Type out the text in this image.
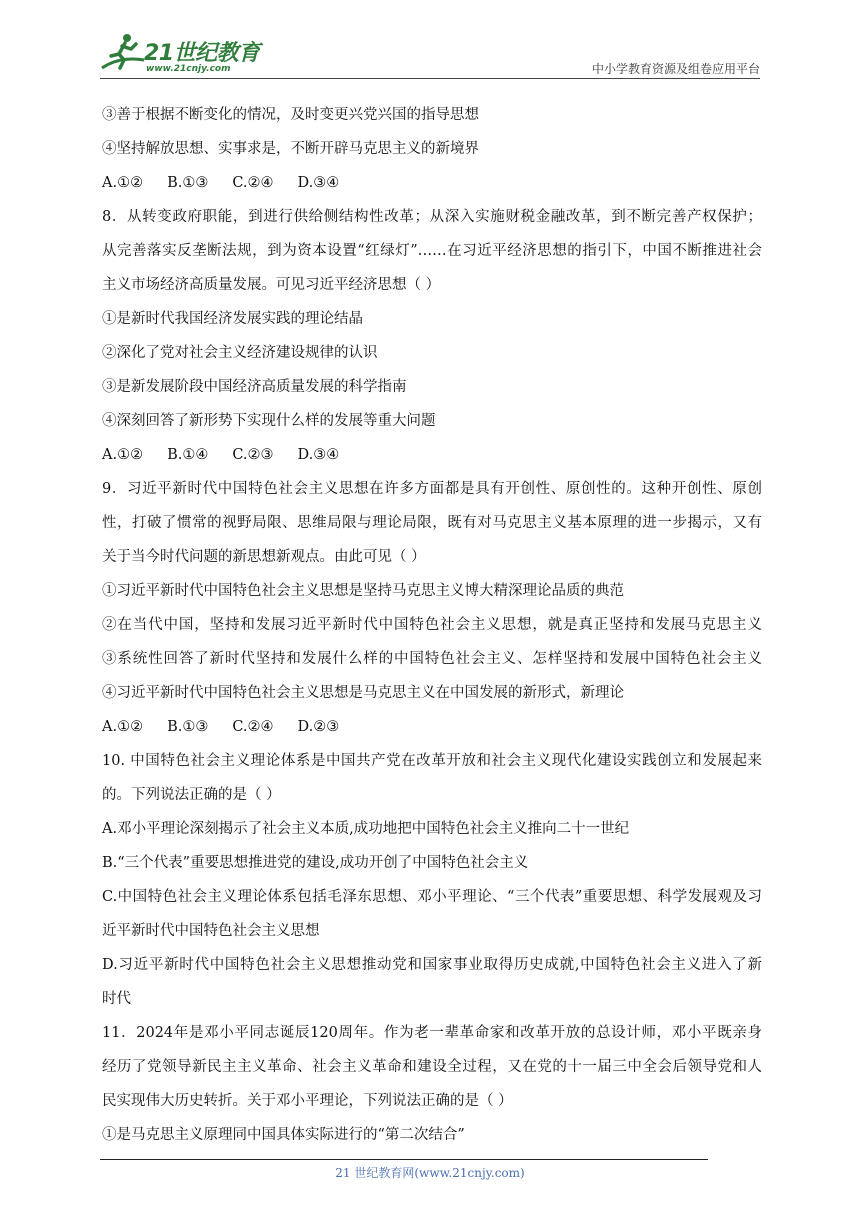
21世纪教育
www.21cnjy.com	中小学教育资源及组卷应用平台
③善于根据不断变化的情况，及时变更兴党兴国的指导思想
④坚持解放思想、实事求是，不断开辟马克思主义的新境界
A.①② B.①③ C.②④ D.③④
8．从转变政府职能，到进行供给侧结构性改革；从深入实施财税金融改革，到不断完善产权保护；
从完善落实反垄断法规，到为资本设置“红绿灯”……在习近平经济思想的指引下，中国不断推进社会
主义市场经济高质量发展。可见习近平经济思想（ ）
①是新时代我国经济发展实践的理论结晶
②深化了党对社会主义经济建设规律的认识
③是新发展阶段中国经济高质量发展的科学指南
④深刻回答了新形势下实现什么样的发展等重大问题
A.①② B.①④ C.②③ D.③④
9．习近平新时代中国特色社会主义思想在许多方面都是具有开创性、原创性的。这种开创性、原创
性，打破了惯常的视野局限、思维局限与理论局限，既有对马克思主义基本原理的进一步揭示，又有
关于当今时代问题的新思想新观点。由此可见（ ）
①习近平新时代中国特色社会主义思想是坚持马克思主义博大精深理论品质的典范
②在当代中国，坚持和发展习近平新时代中国特色社会主义思想，就是真正坚持和发展马克思主义
③系统性回答了新时代坚持和发展什么样的中国特色社会主义、怎样坚持和发展中国特色社会主义
④习近平新时代中国特色社会主义思想是马克思主义在中国发展的新形式，新理论
A.①② B.①③ C.②④ D.②③
10. 中国特色社会主义理论体系是中国共产党在改革开放和社会主义现代化建设实践创立和发展起来
的。下列说法正确的是（ ）
A.邓小平理论深刻揭示了社会主义本质,成功地把中国特色社会主义推向二十一世纪
B.“三个代表”重要思想推进党的建设,成功开创了中国特色社会主义
C.中国特色社会主义理论体系包括毛泽东思想、邓小平理论、“三个代表”重要思想、科学发展观及习
近平新时代中国特色社会主义思想
D.习近平新时代中国特色社会主义思想推动党和国家事业取得历史成就,中国特色社会主义进入了新
时代
11．2024年是邓小平同志诞辰120周年。作为老一辈革命家和改革开放的总设计师，邓小平既亲身
经历了党领导新民主主义革命、社会主义革命和建设全过程，又在党的十一届三中全会后领导党和人
民实现伟大历史转折。关于邓小平理论，下列说法正确的是（ ）
①是马克思主义原理同中国具体实际进行的“第二次结合”
21 世纪教育网(www.21cnjy.com)
